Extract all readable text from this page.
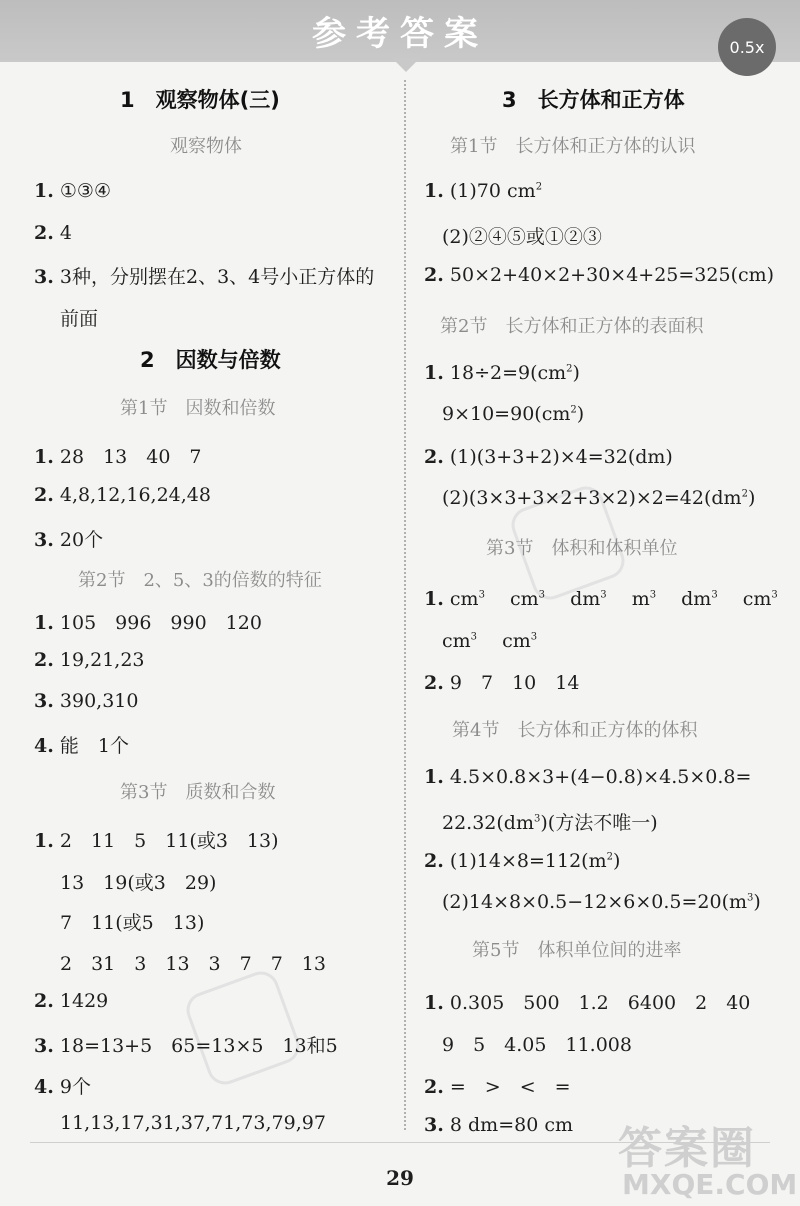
参考答案	0.5x
1　观察物体(三)
观察物体
1. ①③④
2. 4
3. 3种，分别摆在2、3、4号小正方体的
前面
2　因数与倍数
第1节　因数和倍数
1. 28　13　40　7
2. 4,8,12,16,24,48
3. 20个
第2节　2、5、3的倍数的特征
1. 105　996　990　120
2. 19,21,23
3. 390,310
4. 能　1个
第3节　质数和合数
1. 2　11　5　11(或3　13)
13　19(或3　29)
7　11(或5　13)
2　31　3　13　3　7　7　13
2. 1429
3. 18=13+5　65=13×5　13和5
4. 9个
11,13,17,31,37,71,73,79,97
3　长方体和正方体
第1节　长方体和正方体的认识
1. (1)70 $cm^2$
(2)②④⑤或①②③
2. 50×2+40×2+30×4+25=325(cm)
第2节　长方体和正方体的表面积
1. $18\div 2=9(cm^2)$
$9\times 10=90(cm^2)$
2. (1)(3+3+2)×4=32(dm)
$(2)(3\times 3+3\times 2+3\times 2)\times 2=42(dm^2)$
第3节　体积和体积单位
1. $cm^3$　 $cm^3$　 $dm^3$　 $m^3$　 $dm^3$　 $cm^3$
$cm^3$　 $cm^3$
2. 9　7　10　14
第4节　长方体和正方体的体积
1. 4.5×0.8×3+(4−0.8)×4.5×0.8=
$22.32(dm^3)$(方法不唯一)
2. $(1)14\times 8=112(m^2)$
$(2)14\times 8\times 0.5-12\times 6\times 0.5=20(m^3)$
第5节　体积单位间的进率
1. 0.305　500　1.2　6400　2　40
9　5　4.05　11.008
2. =　>　<　=
3. 8 dm=80 cm
29
答案圈
MXQE.COM
